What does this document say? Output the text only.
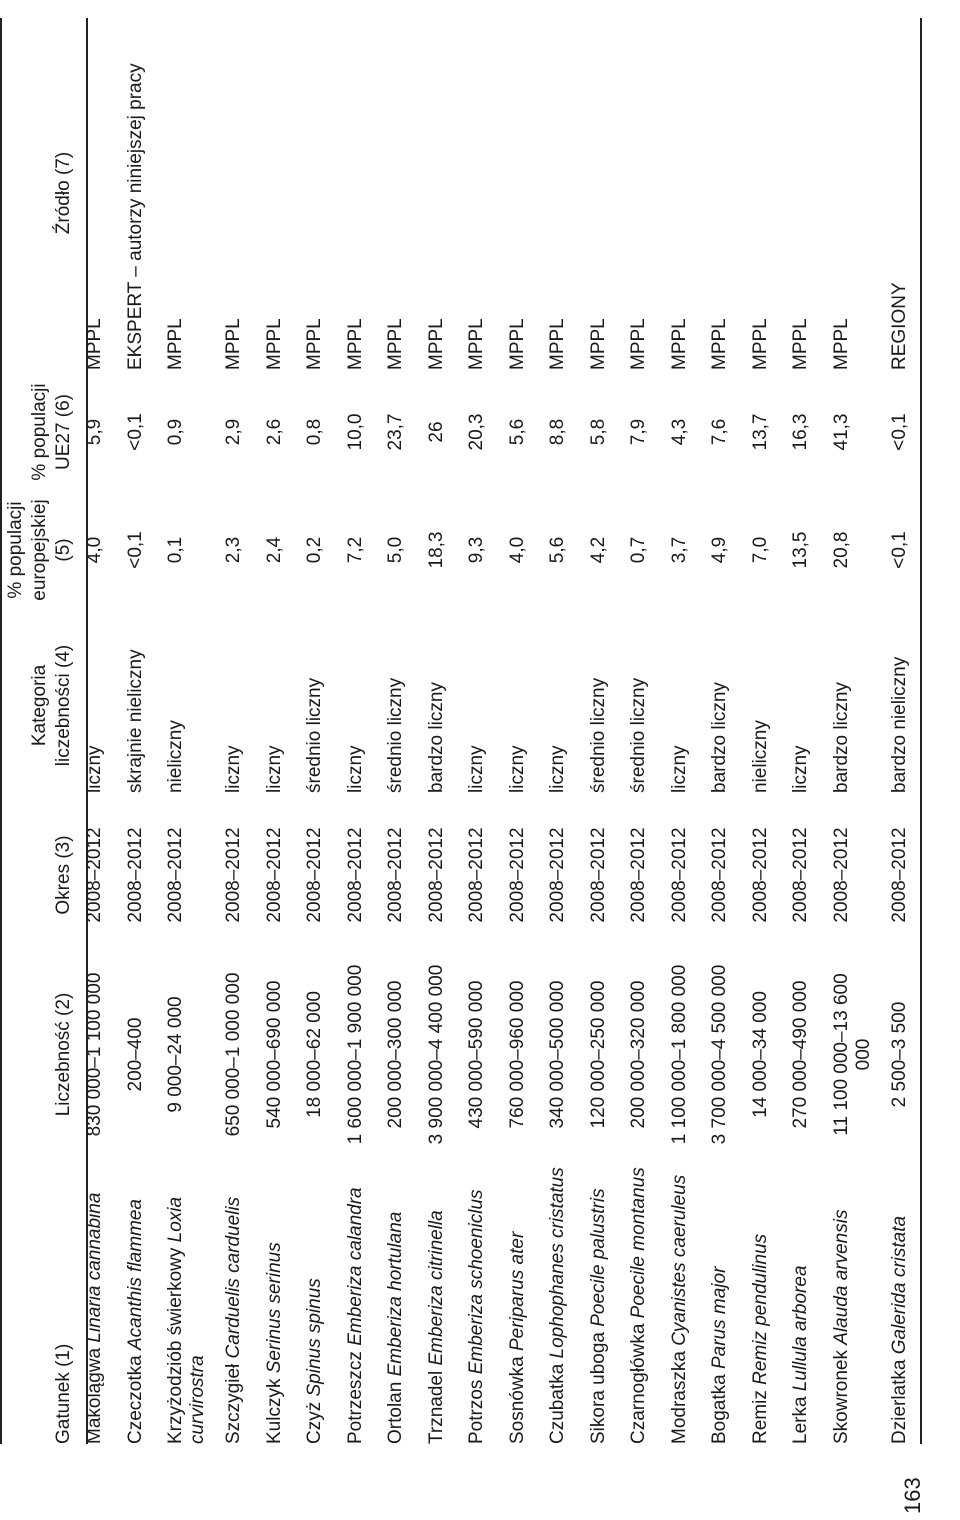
Gatunek (1)	Liczebność (2)	Okres (3)	Kategoria liczebności (4)	% populacji europejskiej (5)	% populacji UE27 (6)	Źródło (7)
Makolągwa Linaria cannabina	830 000–1 100 000	2008–2012	liczny	4,0	5,9	MPPL
Czeczotka Acanthis flammea	200–400	2008–2012	skrajnie nieliczny	<0,1	<0,1	EKSPERT – autorzy niniejszej pracy
Krzyżodziób świerkowy Loxia curvirostra	9 000–24 000	2008–2012	nieliczny	0,1	0,9	MPPL
Szczygieł Carduelis carduelis	650 000–1 000 000	2008–2012	liczny	2,3	2,9	MPPL
Kulczyk Serinus serinus	540 000–690 000	2008–2012	liczny	2,4	2,6	MPPL
Czyż Spinus spinus	18 000–62 000	2008–2012	średnio liczny	0,2	0,8	MPPL
Potrzeszcz Emberiza calandra	1 600 000–1 900 000	2008–2012	liczny	7,2	10,0	MPPL
Ortolan Emberiza hortulana	200 000–300 000	2008–2012	średnio liczny	5,0	23,7	MPPL
Trznadel Emberiza citrinella	3 900 000–4 400 000	2008–2012	bardzo liczny	18,3	26	MPPL
Potrzos Emberiza schoeniclus	430 000–590 000	2008–2012	liczny	9,3	20,3	MPPL
Sosnówka Periparus ater	760 000–960 000	2008–2012	liczny	4,0	5,6	MPPL
Czubatka Lophophanes cristatus	340 000–500 000	2008–2012	liczny	5,6	8,8	MPPL
Sikora uboga Poecile palustris	120 000–250 000	2008–2012	średnio liczny	4,2	5,8	MPPL
Czarnogłówka Poecile montanus	200 000–320 000	2008–2012	średnio liczny	0,7	7,9	MPPL
Modraszka Cyanistes caeruleus	1 100 000–1 800 000	2008–2012	liczny	3,7	4,3	MPPL
Bogatka Parus major	3 700 000–4 500 000	2008–2012	bardzo liczny	4,9	7,6	MPPL
Remiz Remiz pendulinus	14 000–34 000	2008–2012	nieliczny	7,0	13,7	MPPL
Lerka Lullula arborea	270 000–490 000	2008–2012	liczny	13,5	16,3	MPPL
Skowronek Alauda arvensis	11 100 000–13 600 000	2008–2012	bardzo liczny	20,8	41,3	MPPL
Dzierlatka Galerida cristata	2 500–3 500	2008–2012	bardzo nieliczny	<0,1	<0,1	REGIONY
163
